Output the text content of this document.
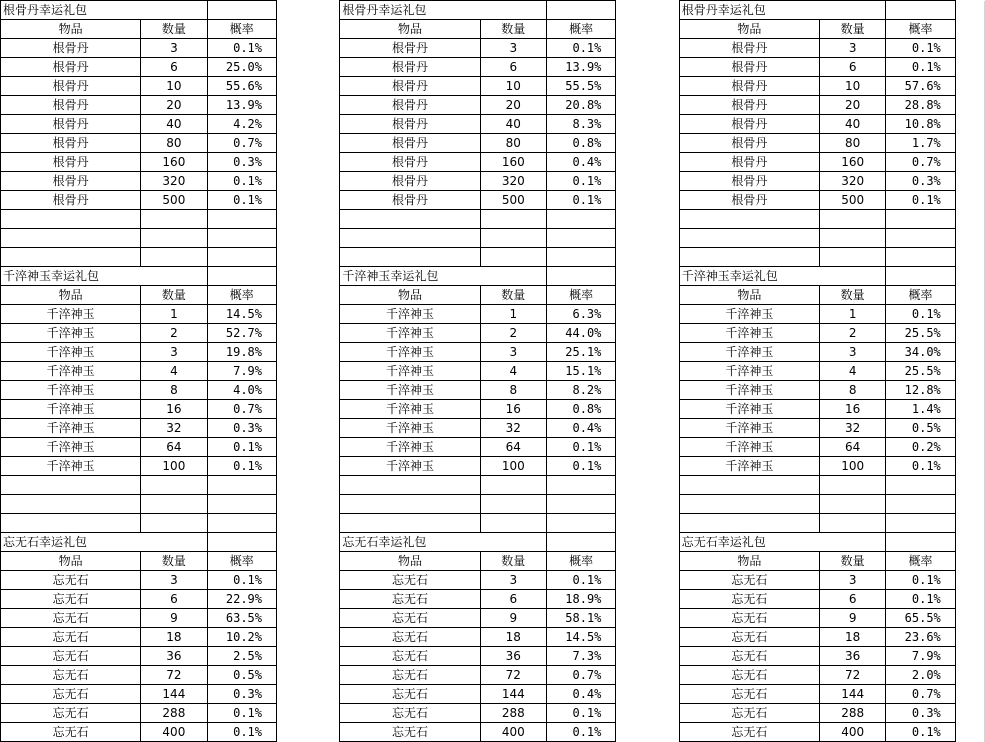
根骨丹幸运礼包				根骨丹幸运礼包				根骨丹幸运礼包			
物品	数量	概率		物品	数量	概率		物品	数量	概率	
根骨丹	3	0.1%		根骨丹	3	0.1%		根骨丹	3	0.1%	
根骨丹	6	25.0%		根骨丹	6	13.9%		根骨丹	6	0.1%	
根骨丹	10	55.6%		根骨丹	10	55.5%		根骨丹	10	57.6%	
根骨丹	20	13.9%		根骨丹	20	20.8%		根骨丹	20	28.8%	
根骨丹	40	4.2%		根骨丹	40	8.3%		根骨丹	40	10.8%	
根骨丹	80	0.7%		根骨丹	80	0.8%		根骨丹	80	1.7%	
根骨丹	160	0.3%		根骨丹	160	0.4%		根骨丹	160	0.7%	
根骨丹	320	0.1%		根骨丹	320	0.1%		根骨丹	320	0.3%	
根骨丹	500	0.1%		根骨丹	500	0.1%		根骨丹	500	0.1%	

千淬神玉幸运礼包				千淬神玉幸运礼包				千淬神玉幸运礼包			
物品	数量	概率		物品	数量	概率		物品	数量	概率	
千淬神玉	1	14.5%		千淬神玉	1	6.3%		千淬神玉	1	0.1%	
千淬神玉	2	52.7%		千淬神玉	2	44.0%		千淬神玉	2	25.5%	
千淬神玉	3	19.8%		千淬神玉	3	25.1%		千淬神玉	3	34.0%	
千淬神玉	4	7.9%		千淬神玉	4	15.1%		千淬神玉	4	25.5%	
千淬神玉	8	4.0%		千淬神玉	8	8.2%		千淬神玉	8	12.8%	
千淬神玉	16	0.7%		千淬神玉	16	0.8%		千淬神玉	16	1.4%	
千淬神玉	32	0.3%		千淬神玉	32	0.4%		千淬神玉	32	0.5%	
千淬神玉	64	0.1%		千淬神玉	64	0.1%		千淬神玉	64	0.2%	
千淬神玉	100	0.1%		千淬神玉	100	0.1%		千淬神玉	100	0.1%	

忘无石幸运礼包				忘无石幸运礼包				忘无石幸运礼包			
物品	数量	概率		物品	数量	概率		物品	数量	概率	
忘无石	3	0.1%		忘无石	3	0.1%		忘无石	3	0.1%	
忘无石	6	22.9%		忘无石	6	18.9%		忘无石	6	0.1%	
忘无石	9	63.5%		忘无石	9	58.1%		忘无石	9	65.5%	
忘无石	18	10.2%		忘无石	18	14.5%		忘无石	18	23.6%	
忘无石	36	2.5%		忘无石	36	7.3%		忘无石	36	7.9%	
忘无石	72	0.5%		忘无石	72	0.7%		忘无石	72	2.0%	
忘无石	144	0.3%		忘无石	144	0.4%		忘无石	144	0.7%	
忘无石	288	0.1%		忘无石	288	0.1%		忘无石	288	0.3%	
忘无石	400	0.1%		忘无石	400	0.1%		忘无石	400	0.1%	
